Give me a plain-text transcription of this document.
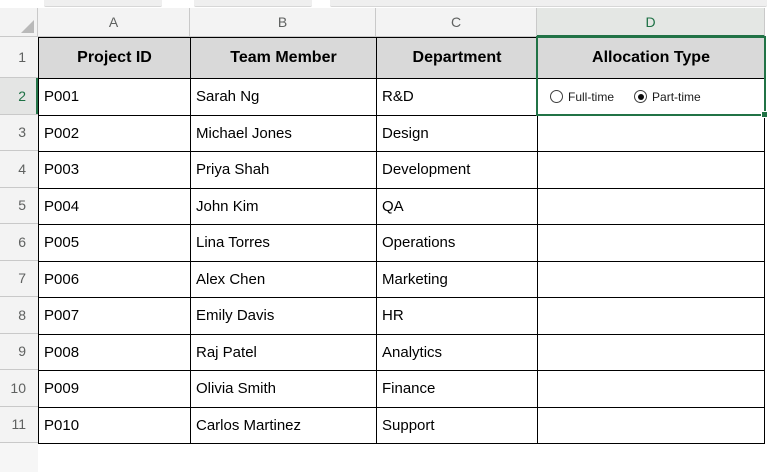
A	B	C	D
1
2
3
4
5
6
7
8
9
10
11
Project ID	Team Member	Department	Allocation Type
P001	Sarah Ng	R&D	Full-time	Part-time
P002	Michael Jones	Design
P003	Priya Shah	Development
P004	John Kim	QA
P005	Lina Torres	Operations
P006	Alex Chen	Marketing
P007	Emily Davis	HR
P008	Raj Patel	Analytics
P009	Olivia Smith	Finance
P010	Carlos Martinez	Support
